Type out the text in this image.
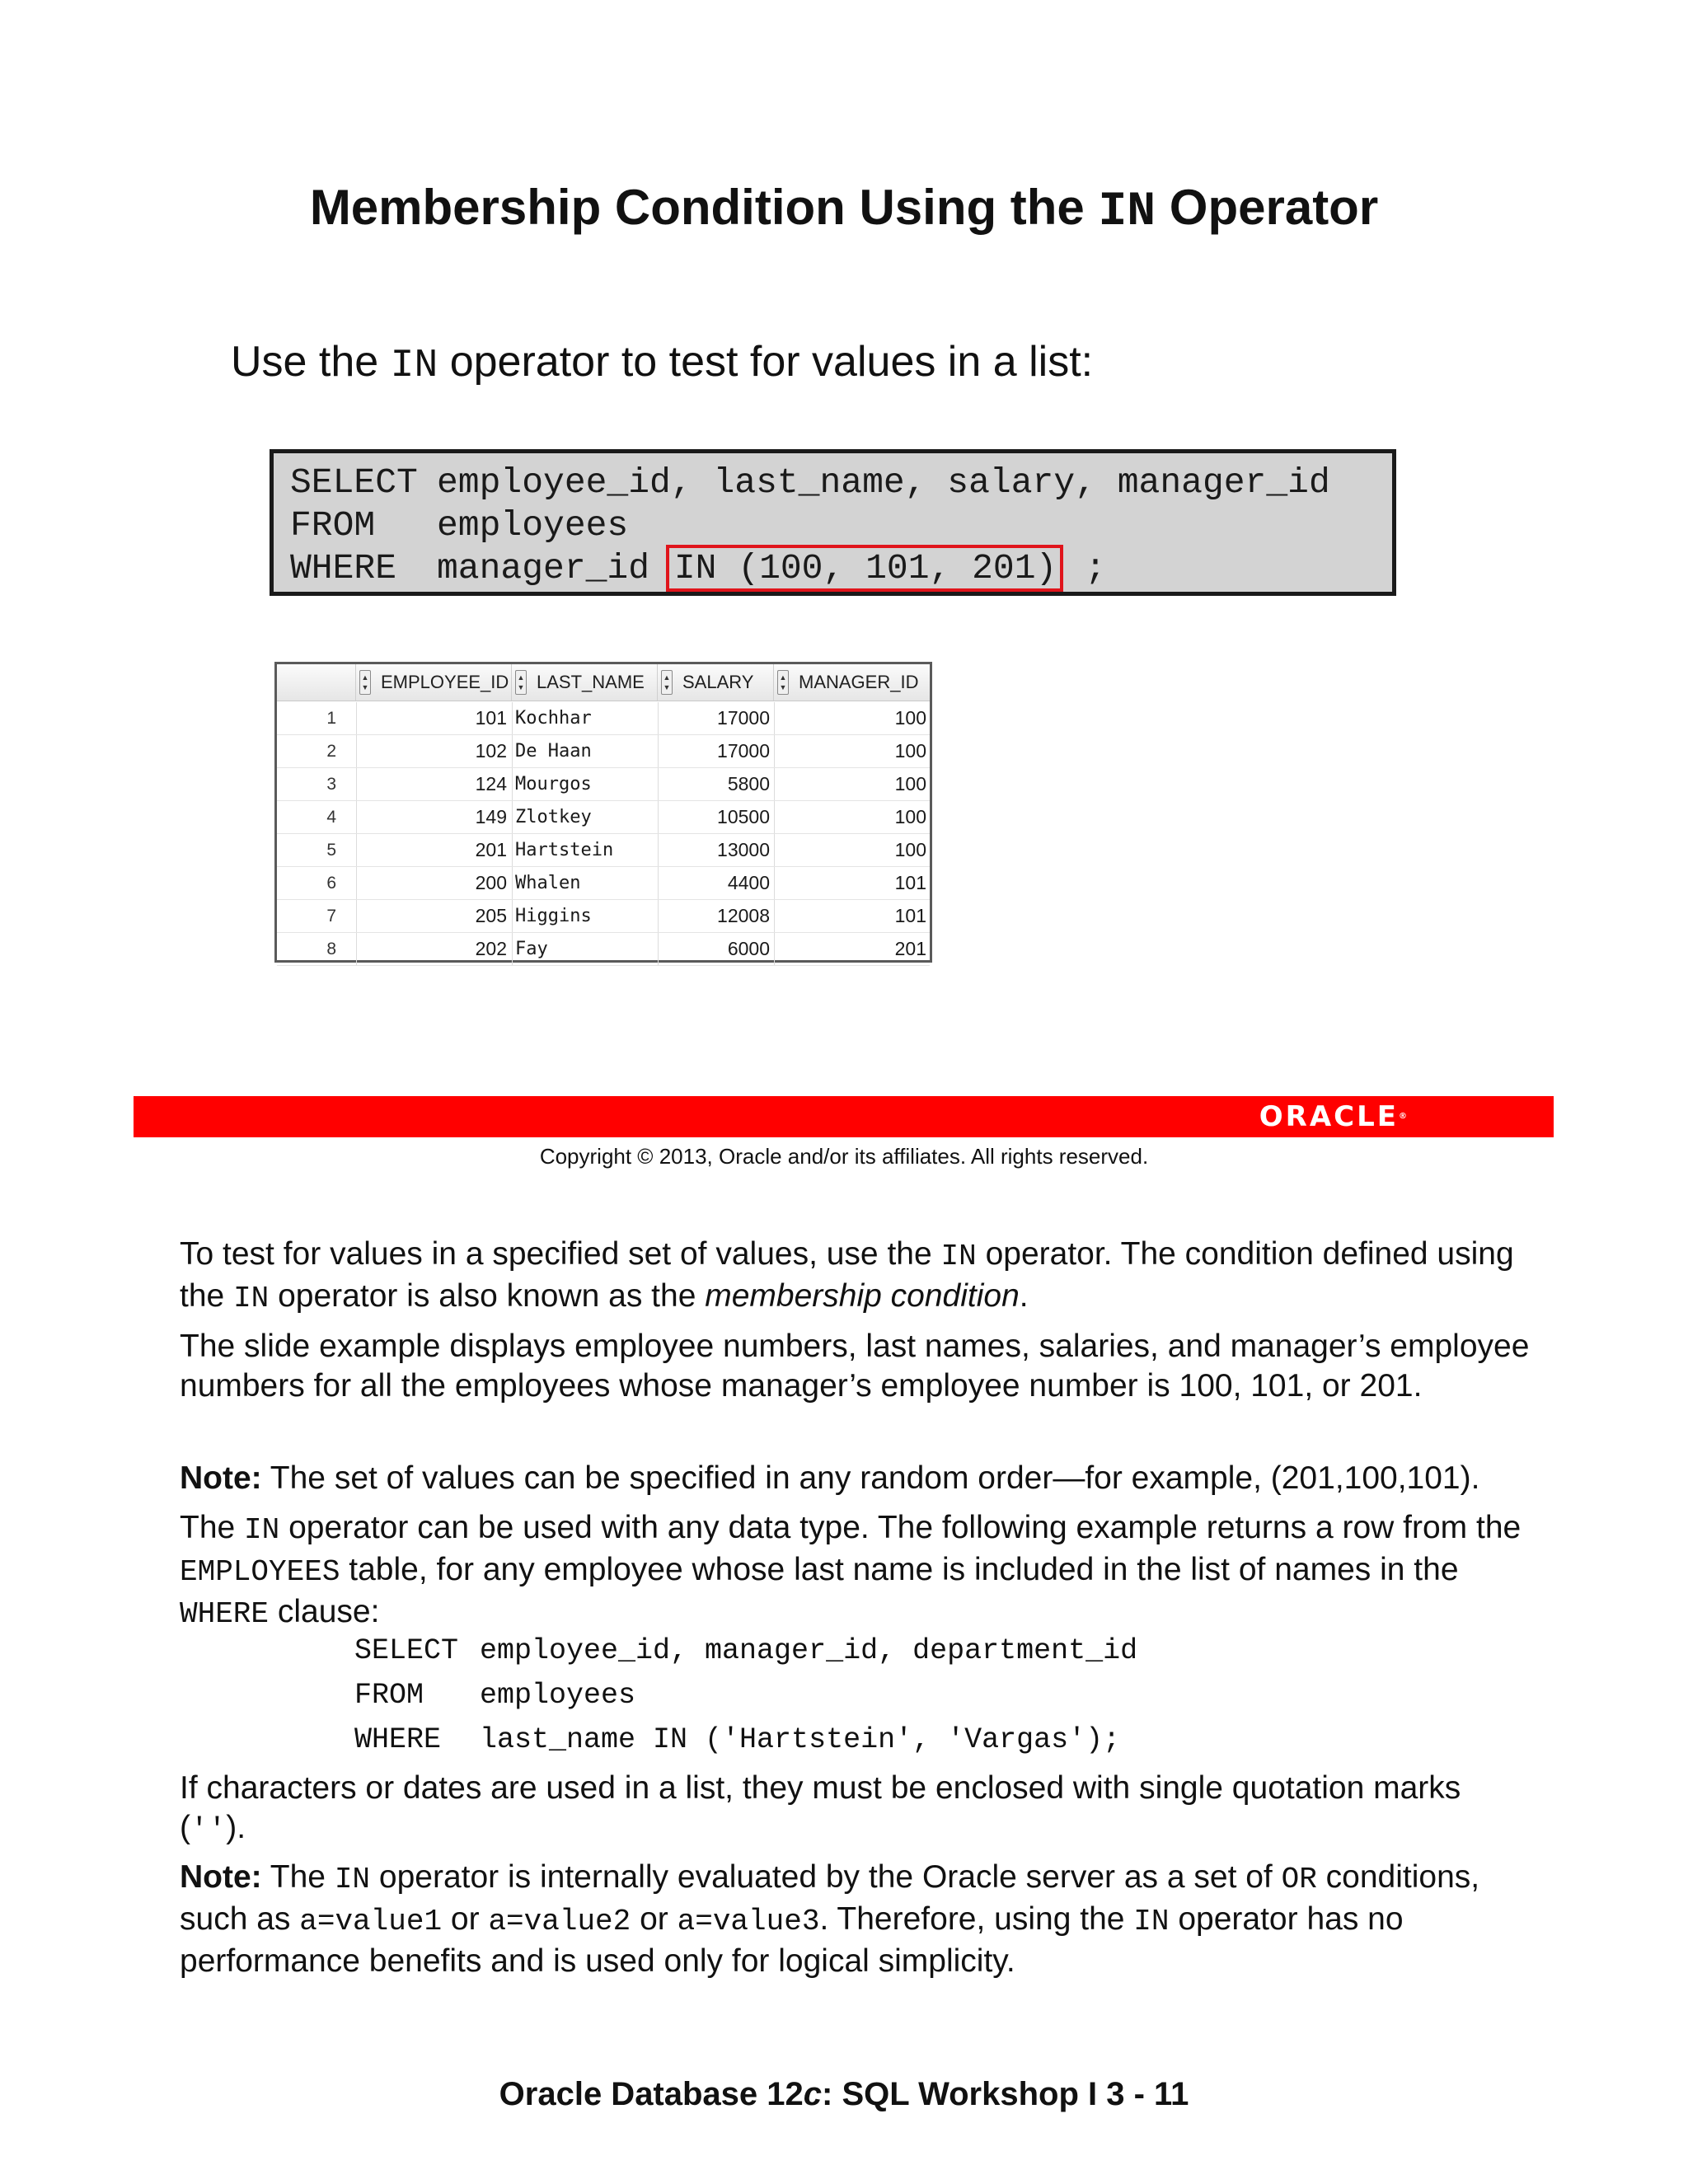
Membership Condition Using the IN Operator
Use the IN operator to test for values in a list:
SELECT employee_id, last_name, salary, manager_id
FROM employees
WHERE manager_id IN (100, 101, 201) ;
▲
▼ EMPLOYEE_ID ▲
▼ LAST_NAME	▲
▼ SALARY	▲
▼ MANAGER_ID
1	101 Kochhar	17000	100
2	102 De Haan	17000	100
3	124 Mourgos	5800	100
4	149 Zlotkey	10500	100
5	201 Hartstein	13000	100
6	200 Whalen	4400	101
7	205 Higgins	12008	101
8	202 Fay	6000	201
ORACLE®
Copyright © 2013, Oracle and/or its affiliates. All rights reserved.
To test for values in a specified set of values, use the IN operator. The condition defined using the IN operator is also known as the membership condition.
The slide example displays employee numbers, last names, salaries, and manager’s employee numbers for all the employees whose manager’s employee number is 100, 101, or 201.
Note: The set of values can be specified in any random order—for example, (201,100,101).
The IN operator can be used with any data type. The following example returns a row from the EMPLOYEES table, for any employee whose last name is included in the list of names in the WHERE clause:
SELECT employee_id, manager_id, department_id
FROM employees
WHERE last_name IN ('Hartstein', 'Vargas');
If characters or dates are used in a list, they must be enclosed with single quotation marks ('').
Note: The IN operator is internally evaluated by the Oracle server as a set of OR conditions, such as a=value1 or a=value2 or a=value3. Therefore, using the IN operator has no performance benefits and is used only for logical simplicity.
Oracle Database 12c: SQL Workshop I 3 - 11
